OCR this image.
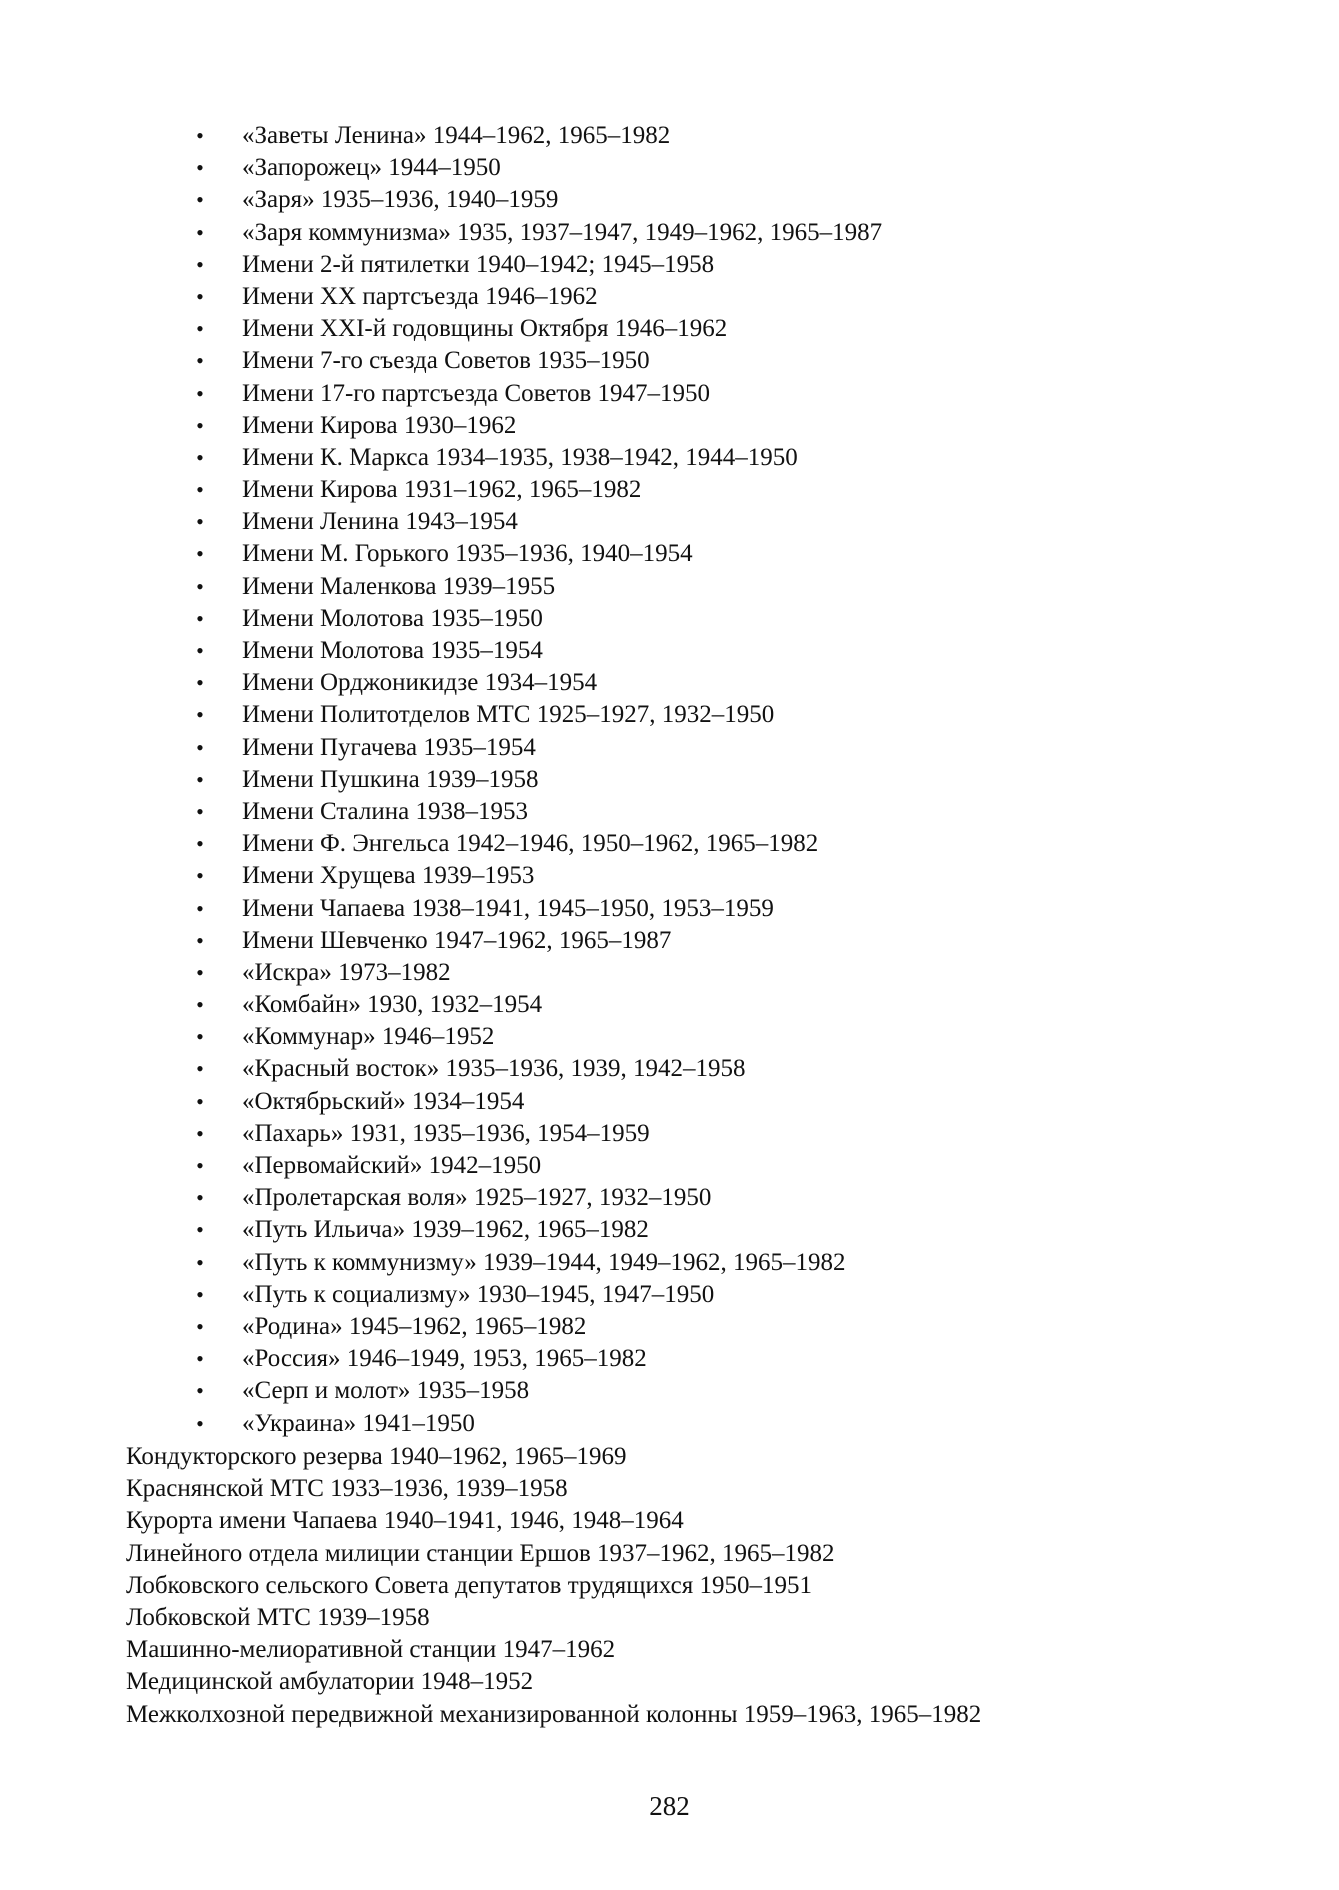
• «Заветы Ленина» 1944–1962, 1965–1982
• «Запорожец» 1944–1950
• «Заря» 1935–1936, 1940–1959
• «Заря коммунизма» 1935, 1937–1947, 1949–1962, 1965–1987
• Имени 2-й пятилетки 1940–1942; 1945–1958
• Имени XX партсъезда 1946–1962
• Имени XXI-й годовщины Октября 1946–1962
• Имени 7-го съезда Советов 1935–1950
• Имени 17-го партсъезда Советов 1947–1950
• Имени Кирова 1930–1962
• Имени К. Маркса 1934–1935, 1938–1942, 1944–1950
• Имени Кирова 1931–1962, 1965–1982
• Имени Ленина 1943–1954
• Имени М. Горького 1935–1936, 1940–1954
• Имени Маленкова 1939–1955
• Имени Молотова 1935–1950
• Имени Молотова 1935–1954
• Имени Орджоникидзе 1934–1954
• Имени Политотделов МТС 1925–1927, 1932–1950
• Имени Пугачева 1935–1954
• Имени Пушкина 1939–1958
• Имени Сталина 1938–1953
• Имени Ф. Энгельса 1942–1946, 1950–1962, 1965–1982
• Имени Хрущева 1939–1953
• Имени Чапаева 1938–1941, 1945–1950, 1953–1959
• Имени Шевченко 1947–1962, 1965–1987
• «Искра» 1973–1982
• «Комбайн» 1930, 1932–1954
• «Коммунар» 1946–1952
• «Красный восток» 1935–1936, 1939, 1942–1958
• «Октябрьский» 1934–1954
• «Пахарь» 1931, 1935–1936, 1954–1959
• «Первомайский» 1942–1950
• «Пролетарская воля» 1925–1927, 1932–1950
• «Путь Ильича» 1939–1962, 1965–1982
• «Путь к коммунизму» 1939–1944, 1949–1962, 1965–1982
• «Путь к социализму» 1930–1945, 1947–1950
• «Родина» 1945–1962, 1965–1982
• «Россия» 1946–1949, 1953, 1965–1982
• «Серп и молот» 1935–1958
• «Украина» 1941–1950
Кондукторского резерва 1940–1962, 1965–1969
Краснянской МТС 1933–1936, 1939–1958
Курорта имени Чапаева 1940–1941, 1946, 1948–1964
Линейного отдела милиции станции Ершов 1937–1962, 1965–1982
Лобковского сельского Совета депутатов трудящихся 1950–1951
Лобковской МТС 1939–1958
Машинно-мелиоративной станции 1947–1962
Медицинской амбулатории 1948–1952
Межколхозной передвижной механизированной колонны 1959–1963, 1965–1982
282
